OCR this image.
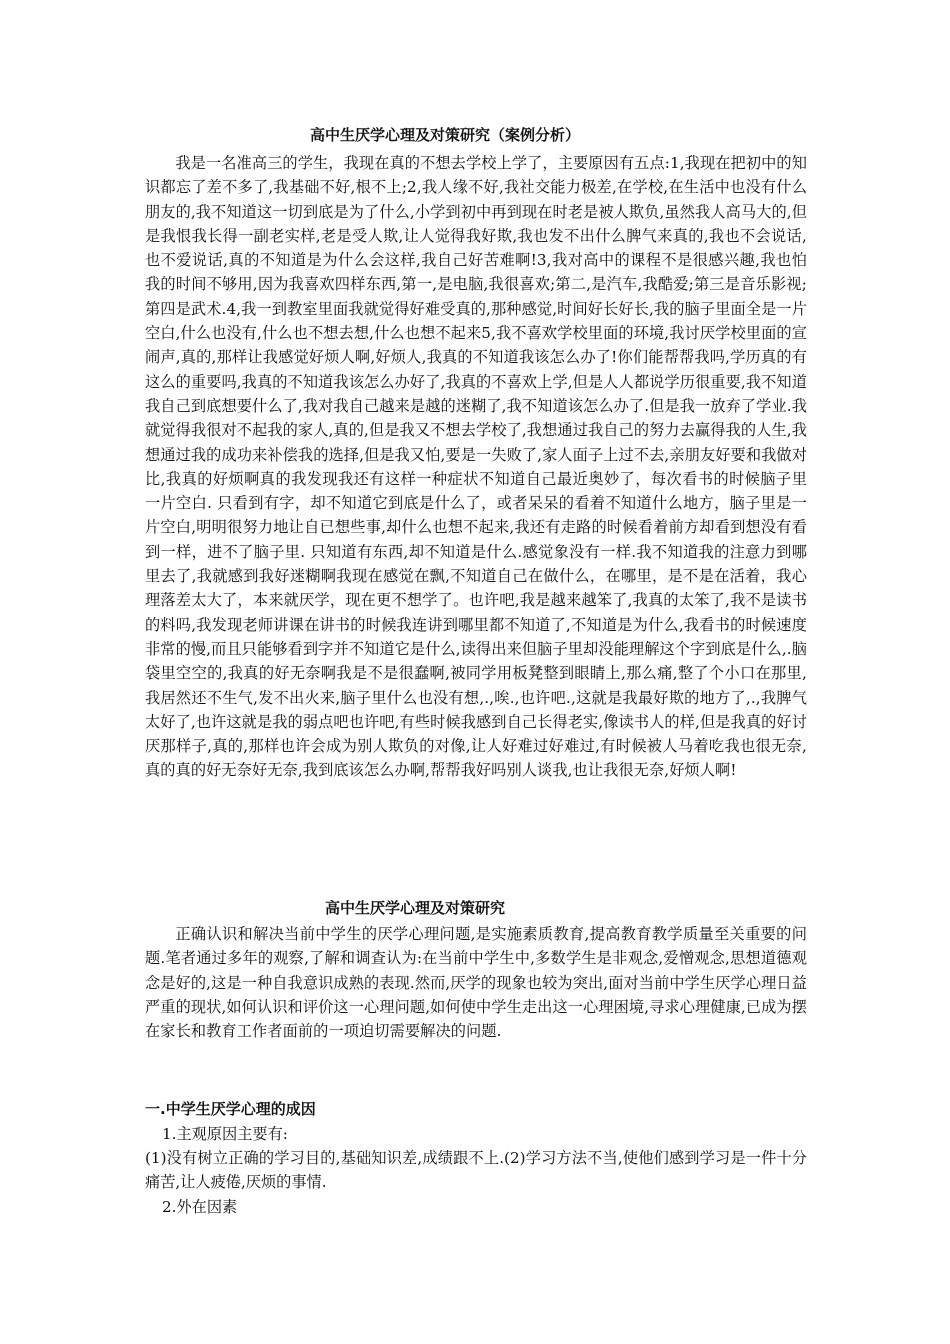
高中生厌学心理及对策研究（案例分析）

我是一名准高三的学生，我现在真的不想去学校上学了，主要原因有五点:1,我现在把初中的知识都忘了差不多了,我基础不好,根不上;2,我人缘不好,我社交能力极差,在学校,在生活中也没有什么朋友的,我不知道这一切到底是为了什么,小学到初中再到现在时老是被人欺负,虽然我人高马大的,但是我恨我长得一副老实样,老是受人欺,让人觉得我好欺,我也发不出什么脾气来真的,我也不会说话,也不爱说话,真的不知道是为什么会这样,我自己好苦难啊!3,我对高中的课程不是很感兴趣,我也怕我的时间不够用,因为我喜欢四样东西,第一,是电脑,我很喜欢;第二,是汽车,我酷爱;第三是音乐影视;第四是武术.4,我一到教室里面我就觉得好难受真的,那种感觉,时间好长好长,我的脑子里面全是一片空白,什么也没有,什么也不想去想,什么也想不起来5,我不喜欢学校里面的环境,我讨厌学校里面的宣闹声,真的,那样让我感觉好烦人啊,好烦人,我真的不知道我该怎么办了!你们能帮帮我吗,学历真的有这么的重要吗,我真的不知道我该怎么办好了,我真的不喜欢上学,但是人人都说学历很重要,我不知道我自己到底想要什么了,我对我自己越来是越的迷糊了,我不知道该怎么办了.但是我一放弃了学业.我就觉得我很对不起我的家人,真的,但是我又不想去学校了,我想通过我自己的努力去赢得我的人生,我想通过我的成功来补偿我的选择,但是我又怕,要是一失败了,家人面子上过不去,亲朋友好要和我做对比,我真的好烦啊真的我发现我还有这样一种症状不知道自己最近奥妙了，每次看书的时候脑子里一片空白. 只看到有字，却不知道它到底是什么了，或者呆呆的看着不知道什么地方，脑子里是一片空白,明明很努力地让自已想些事,却什么也想不起来,我还有走路的时候看着前方却看到想没有看到一样，进不了脑子里. 只知道有东西,却不知道是什么.感觉象没有一样.我不知道我的注意力到哪里去了,我就感到我好迷糊啊我现在感觉在飘,不知道自己在做什么，在哪里，是不是在活着，我心理落差太大了，本来就厌学，现在更不想学了。也许吧,我是越来越笨了,我真的太笨了,我不是读书的料吗,我发现老师讲课在讲书的时候我连讲到哪里都不知道了,不知道是为什么,我看书的时候速度非常的慢,而且只能够看到字并不知道它是什么,读得出来但脑子里却没能理解这个字到底是什么,.脑袋里空空的,我真的好无奈啊我是不是很蠢啊,被同学用板凳整到眼睛上,那么痛,整了个小口在那里,我居然还不生气,发不出火来,脑子里什么也没有想,.,唉.,也许吧.,这就是我最好欺的地方了,.,我脾气太好了,也许这就是我的弱点吧也许吧,有些时候我感到自己长得老实,像读书人的样,但是我真的好讨厌那样子,真的,那样也许会成为别人欺负的对像,让人好难过好难过,有时候被人马着吃我也很无奈,真的真的好无奈好无奈,我到底该怎么办啊,帮帮我好吗别人谈我,也让我很无奈,好烦人啊!

高中生厌学心理及对策研究

正确认识和解决当前中学生的厌学心理问题,是实施素质教育,提高教育教学质量至关重要的问题.笔者通过多年的观察,了解和调查认为:在当前中学生中,多数学生是非观念,爱憎观念,思想道德观念是好的,这是一种自我意识成熟的表现.然而,厌学的现象也较为突出,面对当前中学生厌学心理日益严重的现状,如何认识和评价这一心理问题,如何使中学生走出这一心理困境,寻求心理健康,已成为摆在家长和教育工作者面前的一项迫切需要解决的问题.

一.中学生厌学心理的成因

1.主观原因主要有:

(1)没有树立正确的学习目的,基础知识差,成绩跟不上.(2)学习方法不当,使他们感到学习是一件十分痛苦,让人疲倦,厌烦的事情.

2.外在因素
